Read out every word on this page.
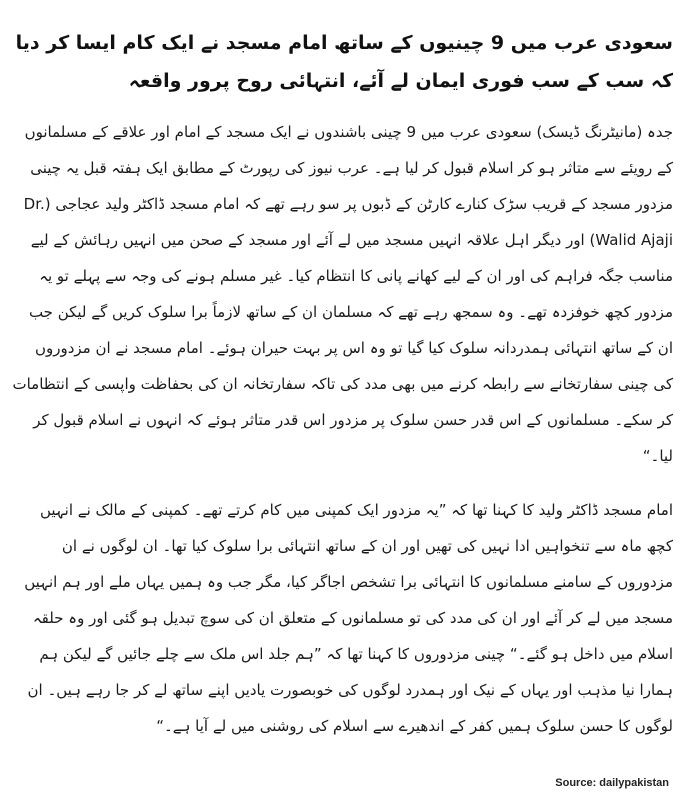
سعودی عرب میں 9 چینیوں کے ساتھ امام مسجد نے ایک کام ایسا کر دیا کہ سب کے سب فوری ایمان لے آئے، انتہائی روح پرور واقعہ

جدہ (مانیٹرنگ ڈیسک) سعودی عرب میں 9 چینی باشندوں نے ایک مسجد کے امام اور علاقے کے مسلمانوں کے رویئے سے متاثر ہو کر اسلام قبول کر لیا ہے۔ عرب نیوز کی رپورٹ کے مطابق ایک ہفتہ قبل یہ چینی مزدور مسجد کے قریب سڑک کنارے کارٹن کے ڈبوں پر سو رہے تھے کہ امام مسجد ڈاکٹر ولید عجاجی (Dr. Walid Ajaji) اور دیگر اہل علاقہ انہیں مسجد میں لے آئے اور مسجد کے صحن میں انہیں رہائش کے لیے مناسب جگہ فراہم کی اور ان کے لیے کھانے پانی کا انتظام کیا۔ غیر مسلم ہونے کی وجہ سے پہلے تو یہ مزدور کچھ خوفزدہ تھے۔ وہ سمجھ رہے تھے کہ مسلمان ان کے ساتھ لازماً برا سلوک کریں گے لیکن جب ان کے ساتھ انتہائی ہمدردانہ سلوک کیا گیا تو وہ اس پر بہت حیران ہوئے۔ امام مسجد نے ان مزدوروں کی چینی سفارتخانے سے رابطہ کرنے میں بھی مدد کی تاکہ سفارتخانہ ان کی بحفاظت واپسی کے انتظامات کر سکے۔ مسلمانوں کے اس قدر حسن سلوک پر مزدور اس قدر متاثر ہوئے کہ انہوں نے اسلام قبول کر لیا۔“

امام مسجد ڈاکٹر ولید کا کہنا تھا کہ ”یہ مزدور ایک کمپنی میں کام کرتے تھے۔ کمپنی کے مالک نے انہیں کچھ ماہ سے تنخواہیں ادا نہیں کی تھیں اور ان کے ساتھ انتہائی برا سلوک کیا تھا۔ ان لوگوں نے ان مزدوروں کے سامنے مسلمانوں کا انتہائی برا تشخص اجاگر کیا، مگر جب وہ ہمیں یہاں ملے اور ہم انہیں مسجد میں لے کر آئے اور ان کی مدد کی تو مسلمانوں کے متعلق ان کی سوچ تبدیل ہو گئی اور وہ حلقہ اسلام میں داخل ہو گئے۔“ چینی مزدوروں کا کہنا تھا کہ ”ہم جلد اس ملک سے چلے جائیں گے لیکن ہم ہمارا نیا مذہب اور یہاں کے نیک اور ہمدرد لوگوں کی خوبصورت یادیں اپنے ساتھ لے کر جا رہے ہیں۔ ان لوگوں کا حسن سلوک ہمیں کفر کے اندھیرے سے اسلام کی روشنی میں لے آیا ہے۔“

Source: dailypakistan
